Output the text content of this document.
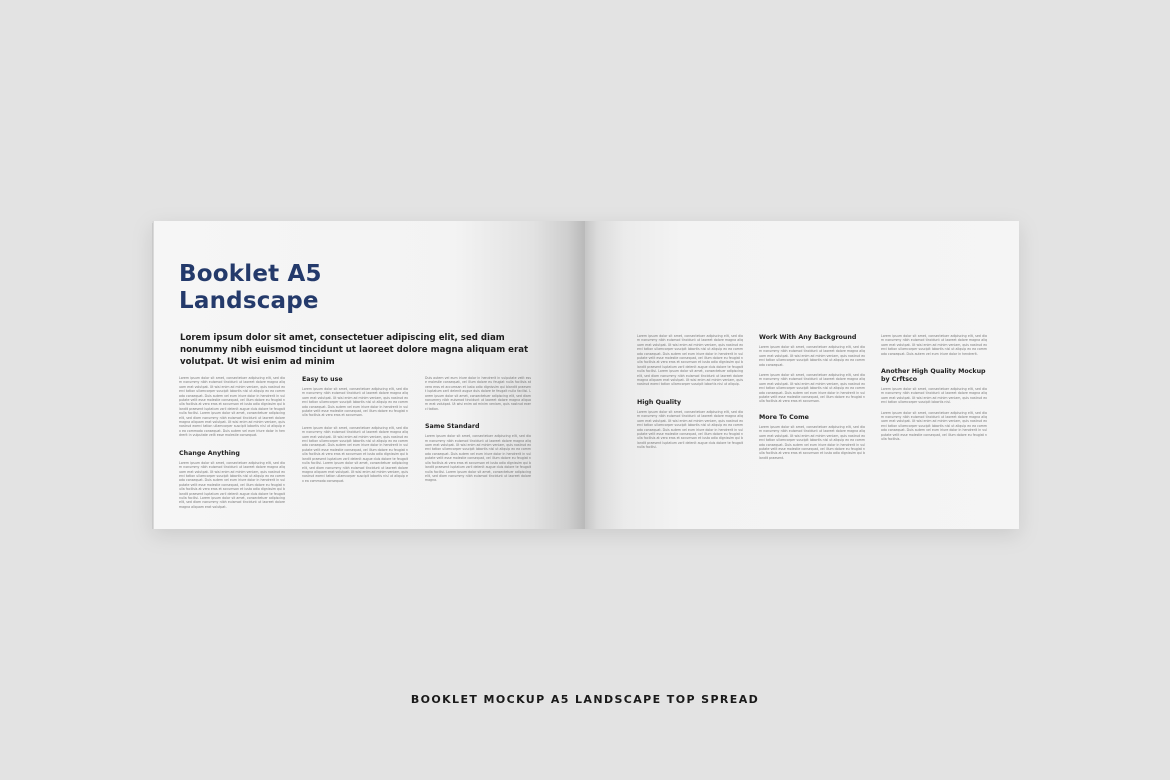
Booklet A5
Landscape

Lorem ipsum dolor sit amet, consectetuer adipiscing elit, sed diam nonummy nibh euismod tincidunt ut laoreet dolore magna aliquam erat volutpat. Ut wisi enim ad minim

Lorem ipsum dolor sit amet, consectetuer adipiscing elit, sed diam nonummy nibh euismod tincidunt ut laoreet dolore magna aliquam erat volutpat. Ut wisi enim ad minim veniam, quis nostrud exerci tation ullamcorper suscipit lobortis nisl ut aliquip ex ea commodo consequat. Duis autem vel eum iriure dolor in hendrerit in vulputate velit esse molestie consequat, vel illum dolore eu feugiat nulla facilisis at vero eros et accumsan et iusto odio dignissim qui blandit praesent luptatum zzril delenit augue duis dolore te feugait nulla facilisi. Lorem ipsum dolor sit amet, consectetuer adipiscing elit, sed diam nonummy nibh euismod tincidunt ut laoreet dolore magna aliquam erat volutpat. Ut wisi enim ad minim veniam, quis nostrud exerci tation ullamcorper suscipit lobortis nisl ut aliquip ex ea commodo consequat. Duis autem vel eum iriure dolor in hendrerit in vulputate velit esse molestie consequat.

Change Anything

Lorem ipsum dolor sit amet, consectetuer adipiscing elit, sed diam nonummy nibh euismod tincidunt ut laoreet dolore magna aliquam erat volutpat. Ut wisi enim ad minim veniam, quis nostrud exerci tation ullamcorper suscipit lobortis nisl ut aliquip ex ea commodo consequat. Duis autem vel eum iriure dolor in hendrerit in vulputate velit esse molestie consequat, vel illum dolore eu feugiat nulla facilisis at vero eros et accumsan et iusto odio dignissim qui blandit praesent luptatum zzril delenit augue duis dolore te feugait nulla facilisi. Lorem ipsum dolor sit amet, consectetuer adipiscing elit, sed diam nonummy nibh euismod tincidunt ut laoreet dolore magna aliquam erat volutpat.

Easy to use

Lorem ipsum dolor sit amet, consectetuer adipiscing elit, sed diam nonummy nibh euismod tincidunt ut laoreet dolore magna aliquam erat volutpat. Ut wisi enim ad minim veniam, quis nostrud exerci tation ullamcorper suscipit lobortis nisl ut aliquip ex ea commodo consequat. Duis autem vel eum iriure dolor in hendrerit in vulputate velit esse molestie consequat, vel illum dolore eu feugiat nulla facilisis at vero eros et accumsan.

Lorem ipsum dolor sit amet, consectetuer adipiscing elit, sed diam nonummy nibh euismod tincidunt ut laoreet dolore magna aliquam erat volutpat. Ut wisi enim ad minim veniam, quis nostrud exerci tation ullamcorper suscipit lobortis nisl ut aliquip ex ea commodo consequat. Duis autem vel eum iriure dolor in hendrerit in vulputate velit esse molestie consequat, vel illum dolore eu feugiat nulla facilisis at vero eros et accumsan et iusto odio dignissim qui blandit praesent luptatum zzril delenit augue duis dolore te feugait nulla facilisi. Lorem ipsum dolor sit amet, consectetuer adipiscing elit, sed diam nonummy nibh euismod tincidunt ut laoreet dolore magna aliquam erat volutpat. Ut wisi enim ad minim veniam, quis nostrud exerci tation ullamcorper suscipit lobortis nisl ut aliquip ex ea commodo consequat.

Duis autem vel eum iriure dolor in hendrerit in vulputate velit esse molestie consequat, vel illum dolore eu feugiat nulla facilisis at vero eros et accumsan et iusto odio dignissim qui blandit praesent luptatum zzril delenit augue duis dolore te feugait nulla facilisi. Lorem ipsum dolor sit amet, consectetuer adipiscing elit, sed diam nonummy nibh euismod tincidunt ut laoreet dolore magna aliquam erat volutpat. Ut wisi enim ad minim veniam, quis nostrud exerci tation.

Same Standard

Lorem ipsum dolor sit amet, consectetuer adipiscing elit, sed diam nonummy nibh euismod tincidunt ut laoreet dolore magna aliquam erat volutpat. Ut wisi enim ad minim veniam, quis nostrud exerci tation ullamcorper suscipit lobortis nisl ut aliquip ex ea commodo consequat. Duis autem vel eum iriure dolor in hendrerit in vulputate velit esse molestie consequat, vel illum dolore eu feugiat nulla facilisis at vero eros et accumsan et iusto odio dignissim qui blandit praesent luptatum zzril delenit augue duis dolore te feugait nulla facilisi. Lorem ipsum dolor sit amet, consectetuer adipiscing elit, sed diam nonummy nibh euismod tincidunt ut laoreet dolore magna.

Lorem ipsum dolor sit amet, consectetuer adipiscing elit, sed diam nonummy nibh euismod tincidunt ut laoreet dolore magna aliquam erat volutpat. Ut wisi enim ad minim veniam, quis nostrud exerci tation ullamcorper suscipit lobortis nisl ut aliquip ex ea commodo consequat. Duis autem vel eum iriure dolor in hendrerit in vulputate velit esse molestie consequat, vel illum dolore eu feugiat nulla facilisis at vero eros et accumsan et iusto odio dignissim qui blandit praesent luptatum zzril delenit augue duis dolore te feugait nulla facilisi. Lorem ipsum dolor sit amet, consectetuer adipiscing elit, sed diam nonummy nibh euismod tincidunt ut laoreet dolore magna aliquam erat volutpat. Ut wisi enim ad minim veniam, quis nostrud exerci tation ullamcorper suscipit lobortis nisl ut aliquip.

High Quality

Lorem ipsum dolor sit amet, consectetuer adipiscing elit, sed diam nonummy nibh euismod tincidunt ut laoreet dolore magna aliquam erat volutpat. Ut wisi enim ad minim veniam, quis nostrud exerci tation ullamcorper suscipit lobortis nisl ut aliquip ex ea commodo consequat. Duis autem vel eum iriure dolor in hendrerit in vulputate velit esse molestie consequat, vel illum dolore eu feugiat nulla facilisis at vero eros et accumsan et iusto odio dignissim qui blandit praesent luptatum zzril delenit augue duis dolore te feugait nulla facilisi.

Work With Any Background

Lorem ipsum dolor sit amet, consectetuer adipiscing elit, sed diam nonummy nibh euismod tincidunt ut laoreet dolore magna aliquam erat volutpat. Ut wisi enim ad minim veniam, quis nostrud exerci tation ullamcorper suscipit lobortis nisl ut aliquip ex ea commodo consequat.

Lorem ipsum dolor sit amet, consectetuer adipiscing elit, sed diam nonummy nibh euismod tincidunt ut laoreet dolore magna aliquam erat volutpat. Ut wisi enim ad minim veniam, quis nostrud exerci tation ullamcorper suscipit lobortis nisl ut aliquip ex ea commodo consequat. Duis autem vel eum iriure dolor in hendrerit in vulputate velit esse molestie consequat, vel illum dolore eu feugiat nulla facilisis at vero eros et accumsan.

More To Come

Lorem ipsum dolor sit amet, consectetuer adipiscing elit, sed diam nonummy nibh euismod tincidunt ut laoreet dolore magna aliquam erat volutpat. Ut wisi enim ad minim veniam, quis nostrud exerci tation ullamcorper suscipit lobortis nisl ut aliquip ex ea commodo consequat. Duis autem vel eum iriure dolor in hendrerit in vulputate velit esse molestie consequat, vel illum dolore eu feugiat nulla facilisis at vero eros et accumsan et iusto odio dignissim qui blandit praesent.

Lorem ipsum dolor sit amet, consectetuer adipiscing elit, sed diam nonummy nibh euismod tincidunt ut laoreet dolore magna aliquam erat volutpat. Ut wisi enim ad minim veniam, quis nostrud exerci tation ullamcorper suscipit lobortis nisl ut aliquip ex ea commodo consequat. Duis autem vel eum iriure dolor in hendrerit.

Another High Quality Mockup by Crftsco

Lorem ipsum dolor sit amet, consectetuer adipiscing elit, sed diam nonummy nibh euismod tincidunt ut laoreet dolore magna aliquam erat volutpat. Ut wisi enim ad minim veniam, quis nostrud exerci tation ullamcorper suscipit lobortis nisl.

Lorem ipsum dolor sit amet, consectetuer adipiscing elit, sed diam nonummy nibh euismod tincidunt ut laoreet dolore magna aliquam erat volutpat. Ut wisi enim ad minim veniam, quis nostrud exerci tation ullamcorper suscipit lobortis nisl ut aliquip ex ea commodo consequat. Duis autem vel eum iriure dolor in hendrerit in vulputate velit esse molestie consequat, vel illum dolore eu feugiat nulla facilisis.

BOOKLET MOCKUP A5 LANDSCAPE TOP SPREAD
